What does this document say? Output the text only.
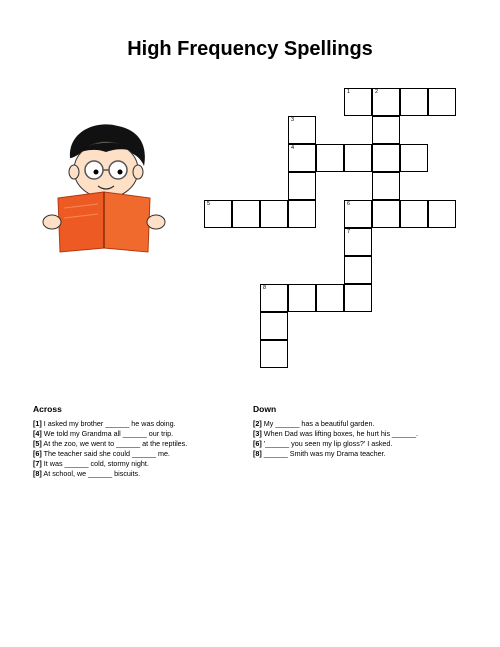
High Frequency Spellings
1	2
3
4
5	6
7
8
Across
[1] I asked my brother ______ he was doing.
[4] We told my Grandma all ______ our trip.
[5] At the zoo, we went to ______ at the reptiles.
[6] The teacher said she could ______ me.
[7] It was ______ cold, stormy night.
[8] At school, we ______ biscuits.
Down
[2] My ______ has a beautiful garden.
[3] When Dad was lifting boxes, he hurt his ______.
[6] '______ you seen my lip gloss?' I asked.
[8] ______ Smith was my Drama teacher.
